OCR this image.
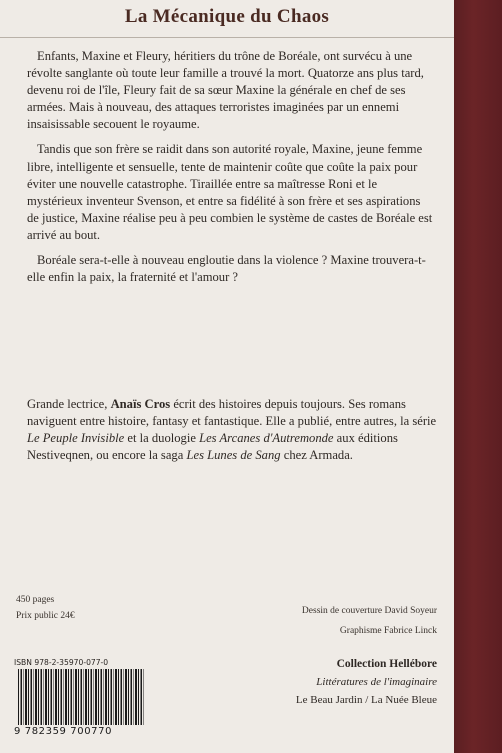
La Mécanique du Chaos

Enfants, Maxine et Fleury, héritiers du trône de Boréale, ont survécu à une révolte sanglante où toute leur famille a trouvé la mort. Quatorze ans plus tard, devenu roi de l'île, Fleury fait de sa sœur Maxine la générale en chef de ses armées. Mais à nouveau, des attaques terroristes imaginées par un ennemi insaisissable secouent le royaume.

Tandis que son frère se raidit dans son autorité royale, Maxine, jeune femme libre, intelligente et sensuelle, tente de maintenir coûte que coûte la paix pour éviter une nouvelle catastrophe. Tiraillée entre sa maîtresse Roni et le mystérieux inventeur Svenson, et entre sa fidélité à son frère et ses aspirations de justice, Maxine réalise peu à peu combien le système de castes de Boréale est arrivé au bout.

Boréale sera-t-elle à nouveau engloutie dans la violence ? Maxine trouvera-t-elle enfin la paix, la fraternité et l'amour ?

Grande lectrice, Anaïs Cros écrit des histoires depuis toujours. Ses romans naviguent entre histoire, fantasy et fantastique. Elle a publié, entre autres, la série Le Peuple Invisible et la duologie Les Arcanes d'Autremonde aux éditions Nestiveqnen, ou encore la saga Les Lunes de Sang chez Armada.

450 pages
Prix public 24€	Dessin de couverture David Soyeur
Graphisme Fabrice Linck
ISBN 978-2-35970-077-0
9 782359 700770
Collection Hellébore
Littératures de l'imaginaire
Le Beau Jardin / La Nuée Bleue
